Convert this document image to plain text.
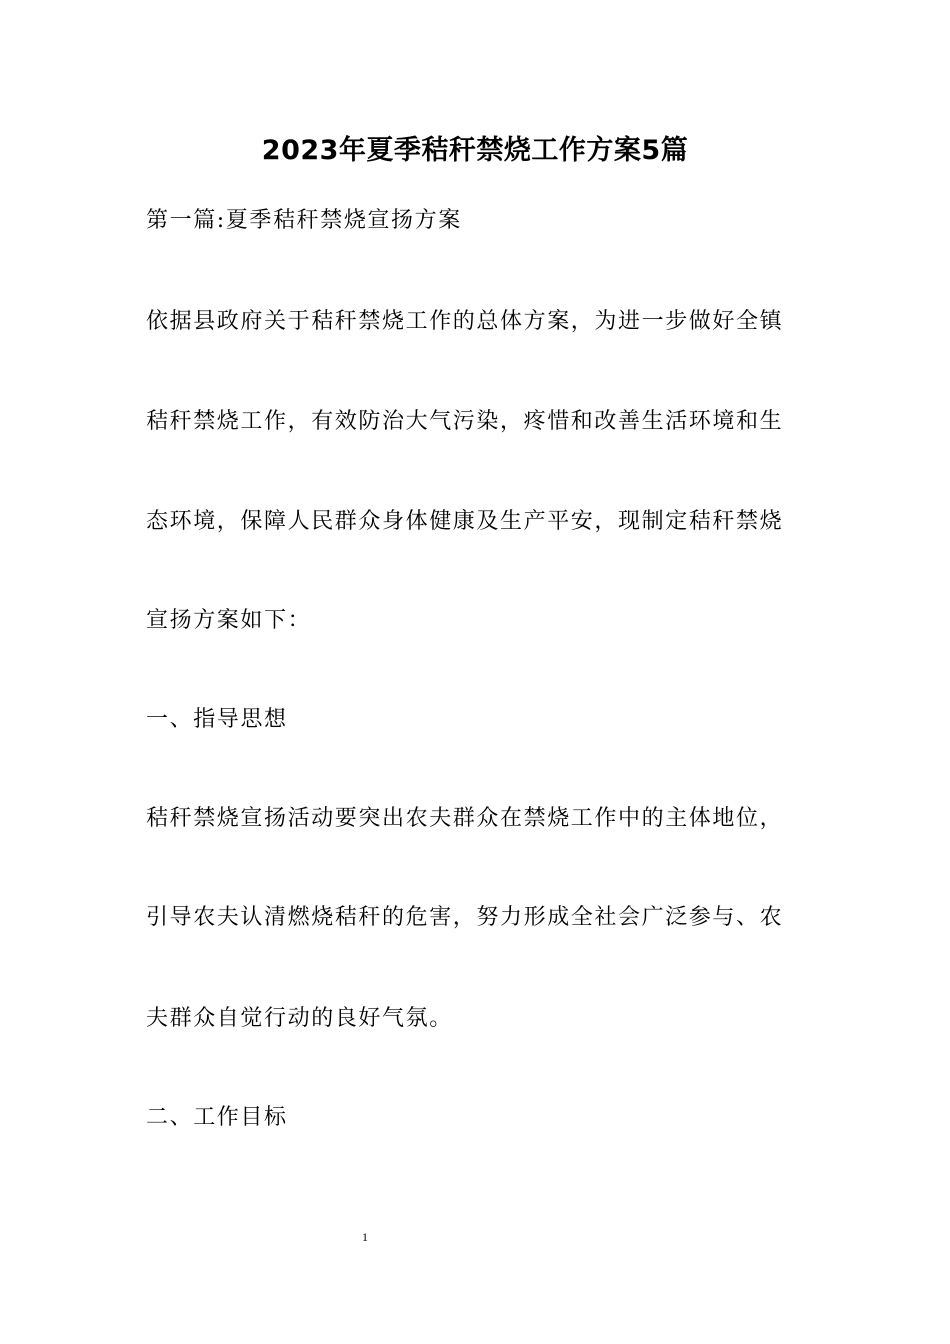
2023年夏季秸秆禁烧工作方案5篇
第一篇:夏季秸秆禁烧宣扬方案
依据县政府关于秸秆禁烧工作的总体方案，为进一步做好全镇
秸秆禁烧工作，有效防治大气污染，疼惜和改善生活环境和生
态环境，保障人民群众身体健康及生产平安，现制定秸秆禁烧
宣扬方案如下：
一、指导思想
秸秆禁烧宣扬活动要突出农夫群众在禁烧工作中的主体地位，
引导农夫认清燃烧秸秆的危害，努力形成全社会广泛参与、农
夫群众自觉行动的良好气氛。
二、工作目标
1
